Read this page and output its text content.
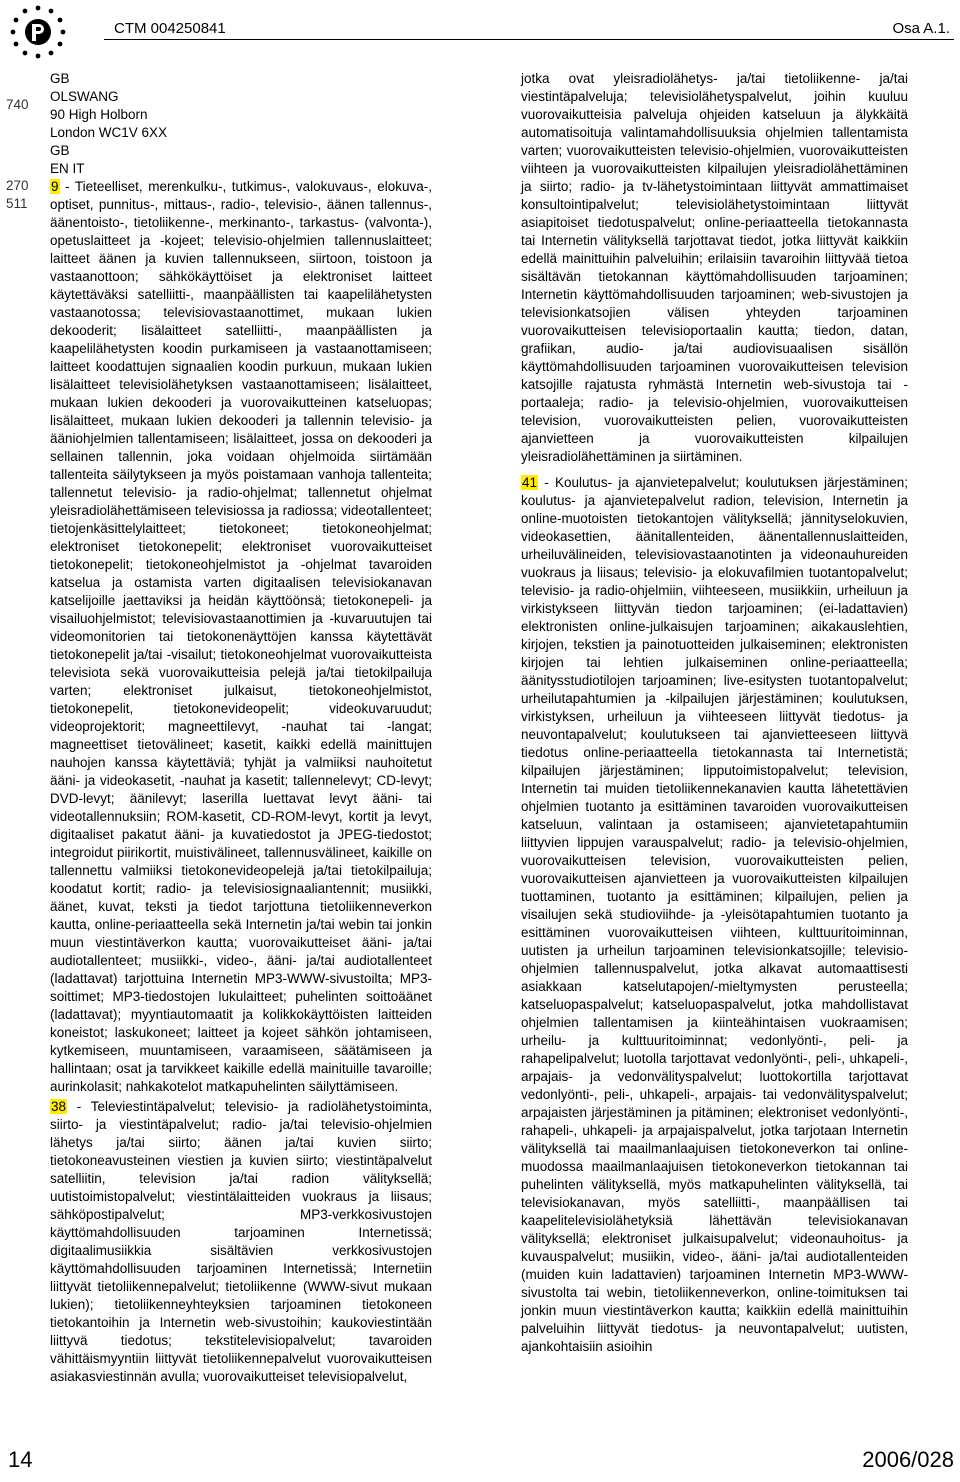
CTM 004250841	Osa A.1.
740
270
511
GB
OLSWANG
90 High Holborn
London WC1V 6XX
GB
EN IT

9 - Tieteelliset, merenkulku-, tutkimus-, valokuvaus-, elokuva-, optiset, punnitus-, mittaus-, radio-, televisio-, äänen tallennus-, äänentoisto-, tietoliikenne-, merkinanto-, tarkastus- (valvonta-), opetuslaitteet ja -kojeet; televisio-ohjelmien tallennuslaitteet; laitteet äänen ja kuvien tallennukseen, siirtoon, toistoon ja vastaanottoon; sähkökäyttöiset ja elektroniset laitteet käytettäväksi satelliitti-, maanpäällisten tai kaapelilähetysten vastaanotossa; televisiovastaanottimet, mukaan lukien dekooderit; lisälaitteet satelliitti-, maanpäällisten ja kaapelilähetysten koodin purkamiseen ja vastaanottamiseen; laitteet koodattujen signaalien koodin purkuun, mukaan lukien lisälaitteet televisiolähetyksen vastaanottamiseen; lisälaitteet, mukaan lukien dekooderi ja vuorovaikutteinen katseluopas; lisälaitteet, mukaan lukien dekooderi ja tallennin televisio- ja ääniohjelmien tallentamiseen; lisälaitteet, jossa on dekooderi ja sellainen tallennin, joka voidaan ohjelmoida siirtämään tallenteita säilytykseen ja myös poistamaan vanhoja tallenteita; tallennetut televisio- ja radio-ohjelmat; tallennetut ohjelmat yleisradiolähettämiseen televisiossa ja radiossa; videotallenteet; tietojenkäsittelylaitteet; tietokoneet; tietokoneohjelmat; elektroniset tietokonepelit; elektroniset vuorovaikutteiset tietokonepelit; tietokoneohjelmistot ja -ohjelmat tavaroiden katselua ja ostamista varten digitaalisen televisiokanavan katselijoille jaettaviksi ja heidän käyttöönsä; tietokonepeli- ja visailuohjelmistot; televisiovastaanottimien ja -kuvaruutujen tai videomonitorien tai tietokonenäyttöjen kanssa käytettävät tietokonepelit ja/tai -visailut; tietokoneohjelmat vuorovaikutteista televisiota sekä vuorovaikutteisia pelejä ja/tai tietokilpailuja varten; elektroniset julkaisut, tietokoneohjelmistot, tietokonepelit, tietokonevideopelit; videokuvaruudut; videoprojektorit; magneettilevyt, -nauhat tai -langat; magneettiset tietovälineet; kasetit, kaikki edellä mainittujen nauhojen kanssa käytettäviä; tyhjät ja valmiiksi nauhoitetut ääni- ja videokasetit, -nauhat ja kasetit; tallennelevyt; CD-levyt; DVD-levyt; äänilevyt; laserilla luettavat levyt ääni- tai videotallennuksiin; ROM-kasetit, CD-ROM-levyt, kortit ja levyt, digitaaliset pakatut ääni- ja kuvatiedostot ja JPEG-tiedostot; integroidut piirikortit, muistivälineet, tallennusvälineet, kaikille on tallennettu valmiiksi tietokonevideopelejä ja/tai tietokilpailuja; koodatut kortit; radio- ja televisiosignaaliantennit; musiikki, äänet, kuvat, teksti ja tiedot tarjottuna tietoliikenneverkon kautta, online-periaatteella sekä Internetin ja/tai webin tai jonkin muun viestintäverkon kautta; vuorovaikutteiset ääni- ja/tai audiotallenteet; musiikki-, video-, ääni- ja/tai audiotallenteet (ladattavat) tarjottuina Internetin MP3-WWW-sivustoilta; MP3-soittimet; MP3-tiedostojen lukulaitteet; puhelinten soittoäänet (ladattavat); myyntiautomaatit ja kolikkokäyttöisten laitteiden koneistot; laskukoneet; laitteet ja kojeet sähkön johtamiseen, kytkemiseen, muuntamiseen, varaamiseen, säätämiseen ja hallintaan; osat ja tarvikkeet kaikille edellä mainituille tavaroille; aurinkolasit; nahkakotelot matkapuhelinten säilyttämiseen.

38 - Televiestintäpalvelut; televisio- ja radiolähetystoiminta, siirto- ja viestintäpalvelut; radio- ja/tai televisio-ohjelmien lähetys ja/tai siirto; äänen ja/tai kuvien siirto; tietokoneavusteinen viestien ja kuvien siirto; viestintäpalvelut satelliitin, television ja/tai radion välityksellä; uutistoimistopalvelut; viestintälaitteiden vuokraus ja liisaus; sähköpostipalvelut; MP3-verkkosivustojen käyttömahdollisuuden tarjoaminen Internetissä; digitaalimusiikkia sisältävien verkkosivustojen käyttömahdollisuuden tarjoaminen Internetissä; Internetiin liittyvät tietoliikennepalvelut; tietoliikenne (WWW-sivut mukaan lukien); tietoliikenneyhteyksien tarjoaminen tietokoneen tietokantoihin ja Internetin web-sivustoihin; kaukoviestintään liittyvä tiedotus; tekstitelevisiopalvelut; tavaroiden vähittäismyyntiin liittyvät tietoliikennepalvelut vuorovaikutteisen asiakasviestinnän avulla; vuorovaikutteiset televisiopalvelut,

jotka ovat yleisradiolähetys- ja/tai tietoliikenne- ja/tai viestintäpalveluja; televisiolähetyspalvelut, joihin kuuluu vuorovaikutteisia palveluja ohjeiden katseluun ja älykkäitä automatisoituja valintamahdollisuuksia ohjelmien tallentamista varten; vuorovaikutteisten televisio-ohjelmien, vuorovaikutteisten viihteen ja vuorovaikutteisten kilpailujen yleisradiolähettäminen ja siirto; radio- ja tv-lähetystoimintaan liittyvät ammattimaiset konsultointipalvelut; televisiolähetystoimintaan liittyvät asiapitoiset tiedotuspalvelut; online-periaatteella tietokannasta tai Internetin välityksellä tarjottavat tiedot, jotka liittyvät kaikkiin edellä mainittuihin palveluihin; erilaisiin tavaroihin liittyvää tietoa sisältävän tietokannan käyttömahdollisuuden tarjoaminen; Internetin käyttömahdollisuuden tarjoaminen; web-sivustojen ja televisionkatsojien välisen yhteyden tarjoaminen vuorovaikutteisen televisioportaalin kautta; tiedon, datan, grafiikan, audio- ja/tai audiovisuaalisen sisällön käyttömahdollisuuden tarjoaminen vuorovaikutteisen television katsojille rajatusta ryhmästä Internetin web-sivustoja tai -portaaleja; radio- ja televisio-ohjelmien, vuorovaikutteisen television, vuorovaikutteisten pelien, vuorovaikutteisten ajanvietteen ja vuorovaikutteisten kilpailujen yleisradiolähettäminen ja siirtäminen.

41 - Koulutus- ja ajanvietepalvelut; koulutuksen järjestäminen; koulutus- ja ajanvietepalvelut radion, television, Internetin ja online-muotoisten tietokantojen välityksellä; jännityselokuvien, videokasettien, äänitallenteiden, äänentallennuslaitteiden, urheiluvälineiden, televisiovastaanotinten ja videonauhureiden vuokraus ja liisaus; televisio- ja elokuvafilmien tuotantopalvelut; televisio- ja radio-ohjelmiin, viihteeseen, musiikkiin, urheiluun ja virkistykseen liittyvän tiedon tarjoaminen; (ei-ladattavien) elektronisten online-julkaisujen tarjoaminen; aikakauslehtien, kirjojen, tekstien ja painotuotteiden julkaiseminen; elektronisten kirjojen tai lehtien julkaiseminen online-periaatteella; äänitysstudiotilojen tarjoaminen; live-esitysten tuotantopalvelut; urheilutapahtumien ja -kilpailujen järjestäminen; koulutuksen, virkistyksen, urheiluun ja viihteeseen liittyvät tiedotus- ja neuvontapalvelut; koulutukseen tai ajanvietteeseen liittyvä tiedotus online-periaatteella tietokannasta tai Internetistä; kilpailujen järjestäminen; lipputoimistopalvelut; television, Internetin tai muiden tietoliikennekanavien kautta lähetettävien ohjelmien tuotanto ja esittäminen tavaroiden vuorovaikutteisen katseluun, valintaan ja ostamiseen; ajanvietetapahtumiin liittyvien lippujen varauspalvelut; radio- ja televisio-ohjelmien, vuorovaikutteisen television, vuorovaikutteisten pelien, vuorovaikutteisen ajanvietteen ja vuorovaikutteisten kilpailujen tuottaminen, tuotanto ja esittäminen; kilpailujen, pelien ja visailujen sekä studioviihde- ja -yleisötapahtumien tuotanto ja esittäminen vuorovaikutteisen viihteen, kulttuuritoiminnan, uutisten ja urheilun tarjoaminen televisionkatsojille; televisio-ohjelmien tallennuspalvelut, jotka alkavat automaattisesti asiakkaan katselutapojen/-mieltymysten perusteella; katseluopaspalvelut; katseluopaspalvelut, jotka mahdollistavat ohjelmien tallentamisen ja kiinteähintaisen vuokraamisen; urheilu- ja kulttuuritoiminnat; vedonlyönti-, peli- ja rahapelipalvelut; luotolla tarjottavat vedonlyönti-, peli-, uhkapeli-, arpajais- ja vedonvälityspalvelut; luottokortilla tarjottavat vedonlyönti-, peli-, uhkapeli-, arpajais- tai vedonvälityspalvelut; arpajaisten järjestäminen ja pitäminen; elektroniset vedonlyönti-, rahapeli-, uhkapeli- ja arpajaispalvelut, jotka tarjotaan Internetin välityksellä tai maailmanlaajuisen tietokoneverkon tai online-muodossa maailmanlaajuisen tietokoneverkon tietokannan tai puhelinten välityksellä, myös matkapuhelinten välityksellä, tai televisiokanavan, myös satelliitti-, maanpäällisen tai kaapelitelevisiolähetyksiä lähettävän televisiokanavan välityksellä; elektroniset julkaisupalvelut; videonauhoitus- ja kuvauspalvelut; musiikin, video-, ääni- ja/tai audiotallenteiden (muiden kuin ladattavien) tarjoaminen Internetin MP3-WWW-sivustolta tai webin, tietoliikenneverkon, online-toimituksen tai jonkin muun viestintäverkon kautta; kaikkiin edellä mainittuihin palveluihin liittyvät tiedotus- ja neuvontapalvelut; uutisten, ajankohtaisiin asioihin

14	2006/028
